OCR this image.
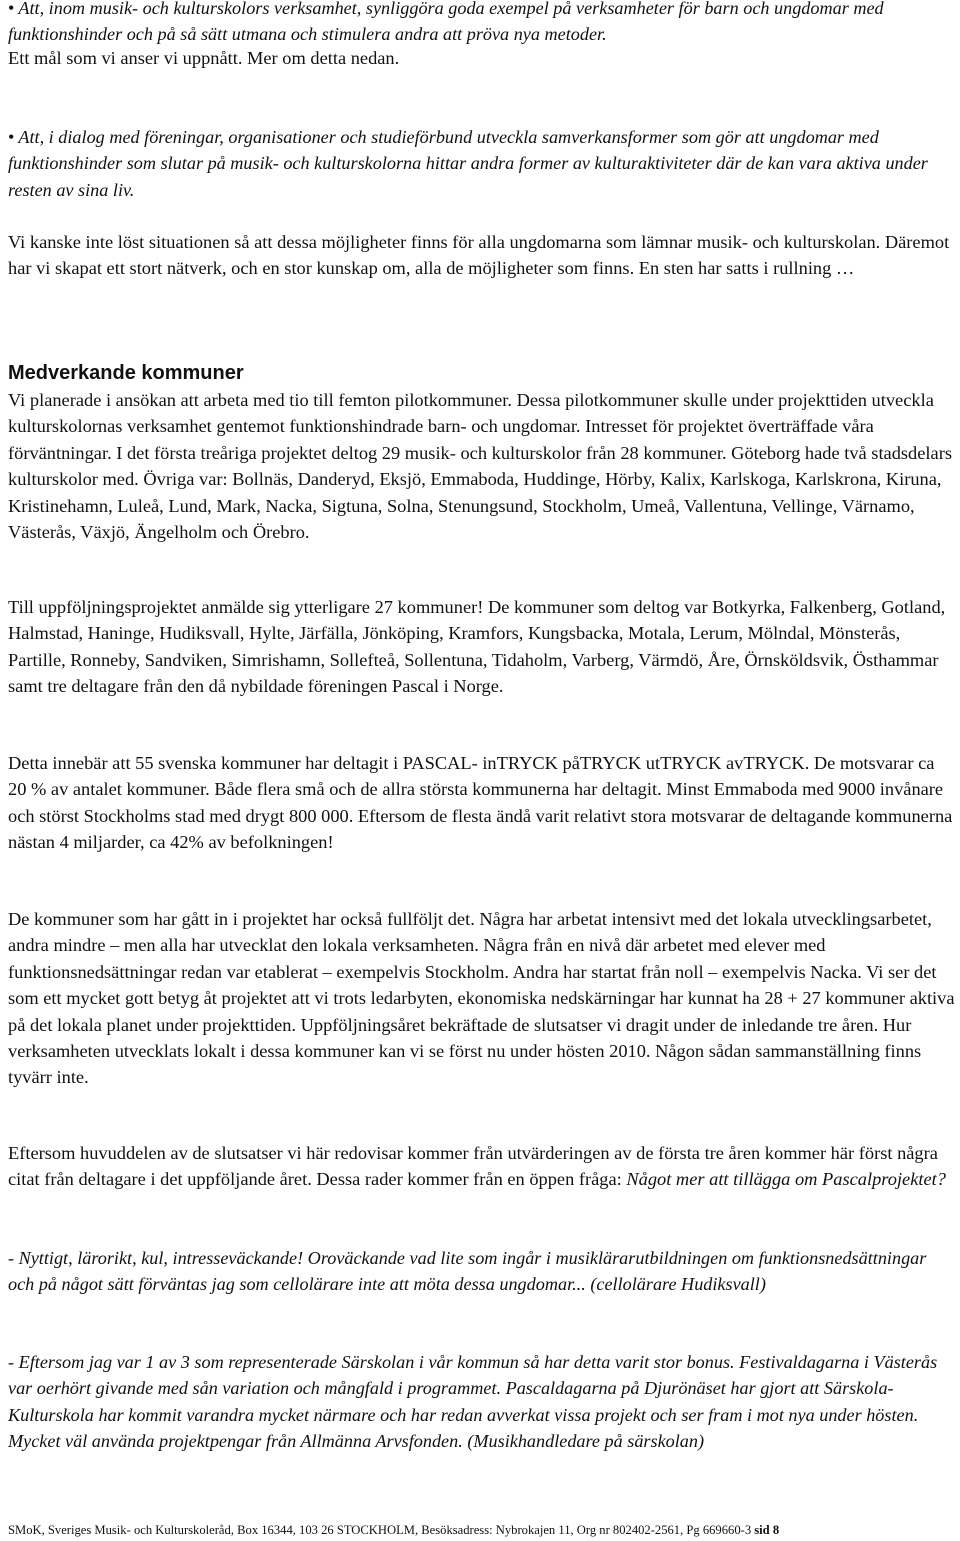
• Att, inom musik- och kulturskolors verksamhet, synliggöra goda exempel på verksamheter för barn och ungdomar med funktionshinder och på så sätt utmana och stimulera andra att pröva nya metoder.

Ett mål som vi anser vi uppnått. Mer om detta nedan.

• Att, i dialog med föreningar, organisationer och studieförbund utveckla samverkansformer som gör att ungdomar med funktionshinder som slutar på musik- och kulturskolorna hittar andra former av kulturaktiviteter där de kan vara aktiva under resten av sina liv.

Vi kanske inte löst situationen så att dessa möjligheter finns för alla ungdomarna som lämnar musik- och kulturskolan. Däremot har vi skapat ett stort nätverk, och en stor kunskap om, alla de möjligheter som finns. En sten har satts i rullning …

Medverkande kommuner

Vi planerade i ansökan att arbeta med tio till femton pilotkommuner. Dessa pilotkommuner skulle under projekttiden utveckla kulturskolornas verksamhet gentemot funktionshindrade barn- och ungdomar. Intresset för projektet överträffade våra förväntningar. I det första treåriga projektet deltog 29 musik- och kulturskolor från 28 kommuner. Göteborg hade två stadsdelars kulturskolor med. Övriga var: Bollnäs, Danderyd, Eksjö, Emmaboda, Huddinge, Hörby, Kalix, Karlskoga, Karlskrona, Kiruna, Kristinehamn, Luleå, Lund, Mark, Nacka, Sigtuna, Solna, Stenungsund, Stockholm, Umeå, Vallentuna, Vellinge, Värnamo, Västerås, Växjö, Ängelholm och Örebro.

Till uppföljningsprojektet anmälde sig ytterligare 27 kommuner! De kommuner som deltog var Botkyrka, Falkenberg, Gotland, Halmstad, Haninge, Hudiksvall, Hylte, Järfälla, Jönköping, Kramfors, Kungsbacka, Motala, Lerum, Mölndal, Mönsterås, Partille, Ronneby, Sandviken, Simrishamn, Sollefteå, Sollentuna, Tidaholm, Varberg, Värmdö, Åre, Örnsköldsvik, Östhammar samt tre deltagare från den då nybildade föreningen Pascal i Norge.

Detta innebär att 55 svenska kommuner har deltagit i PASCAL- inTRYCK påTRYCK utTRYCK avTRYCK. De motsvarar ca 20 % av antalet kommuner. Både flera små och de allra största kommunerna har deltagit. Minst Emmaboda med 9000 invånare och störst Stockholms stad med drygt 800 000. Eftersom de flesta ändå varit relativt stora motsvarar de deltagande kommunerna nästan 4 miljarder, ca 42% av befolkningen!

De kommuner som har gått in i projektet har också fullföljt det. Några har arbetat intensivt med det lokala utvecklingsarbetet, andra mindre – men alla har utvecklat den lokala verksamheten. Några från en nivå där arbetet med elever med funktionsnedsättningar redan var etablerat – exempelvis Stockholm. Andra har startat från noll – exempelvis Nacka. Vi ser det som ett mycket gott betyg åt projektet att vi trots ledarbyten, ekonomiska nedskärningar har kunnat ha 28 + 27 kommuner aktiva på det lokala planet under projekttiden. Uppföljningsåret bekräftade de slutsatser vi dragit under de inledande tre åren. Hur verksamheten utvecklats lokalt i dessa kommuner kan vi se först nu under hösten 2010. Någon sådan sammanställning finns tyvärr inte.

Eftersom huvuddelen av de slutsatser vi här redovisar kommer från utvärderingen av de första tre åren kommer här först några citat från deltagare i det uppföljande året. Dessa rader kommer från en öppen fråga: Något mer att tillägga om Pascalprojektet?

- Nyttigt, lärorikt, kul, intresseväckande! Oroväckande vad lite som ingår i musiklärarutbildningen om funktionsnedsättningar och på något sätt förväntas jag som cellolärare inte att möta dessa ungdomar... (cellolärare Hudiksvall)

- Eftersom jag var 1 av 3 som representerade Särskolan i vår kommun så har detta varit stor bonus. Festivaldagarna i Västerås var oerhört givande med sån variation och mångfald i programmet. Pascaldagarna på Djurönäset har gjort att Särskola-Kulturskola har kommit varandra mycket närmare och har redan avverkat vissa projekt och ser fram i mot nya under hösten. Mycket väl använda projektpengar från Allmänna Arvsfonden. (Musikhandledare på särskolan)

SMoK, Sveriges Musik- och Kulturskoleråd, Box 16344, 103 26 STOCKHOLM, Besöksadress: Nybrokajen 11, Org nr 802402-2561, Pg 669660-3 sid 8
